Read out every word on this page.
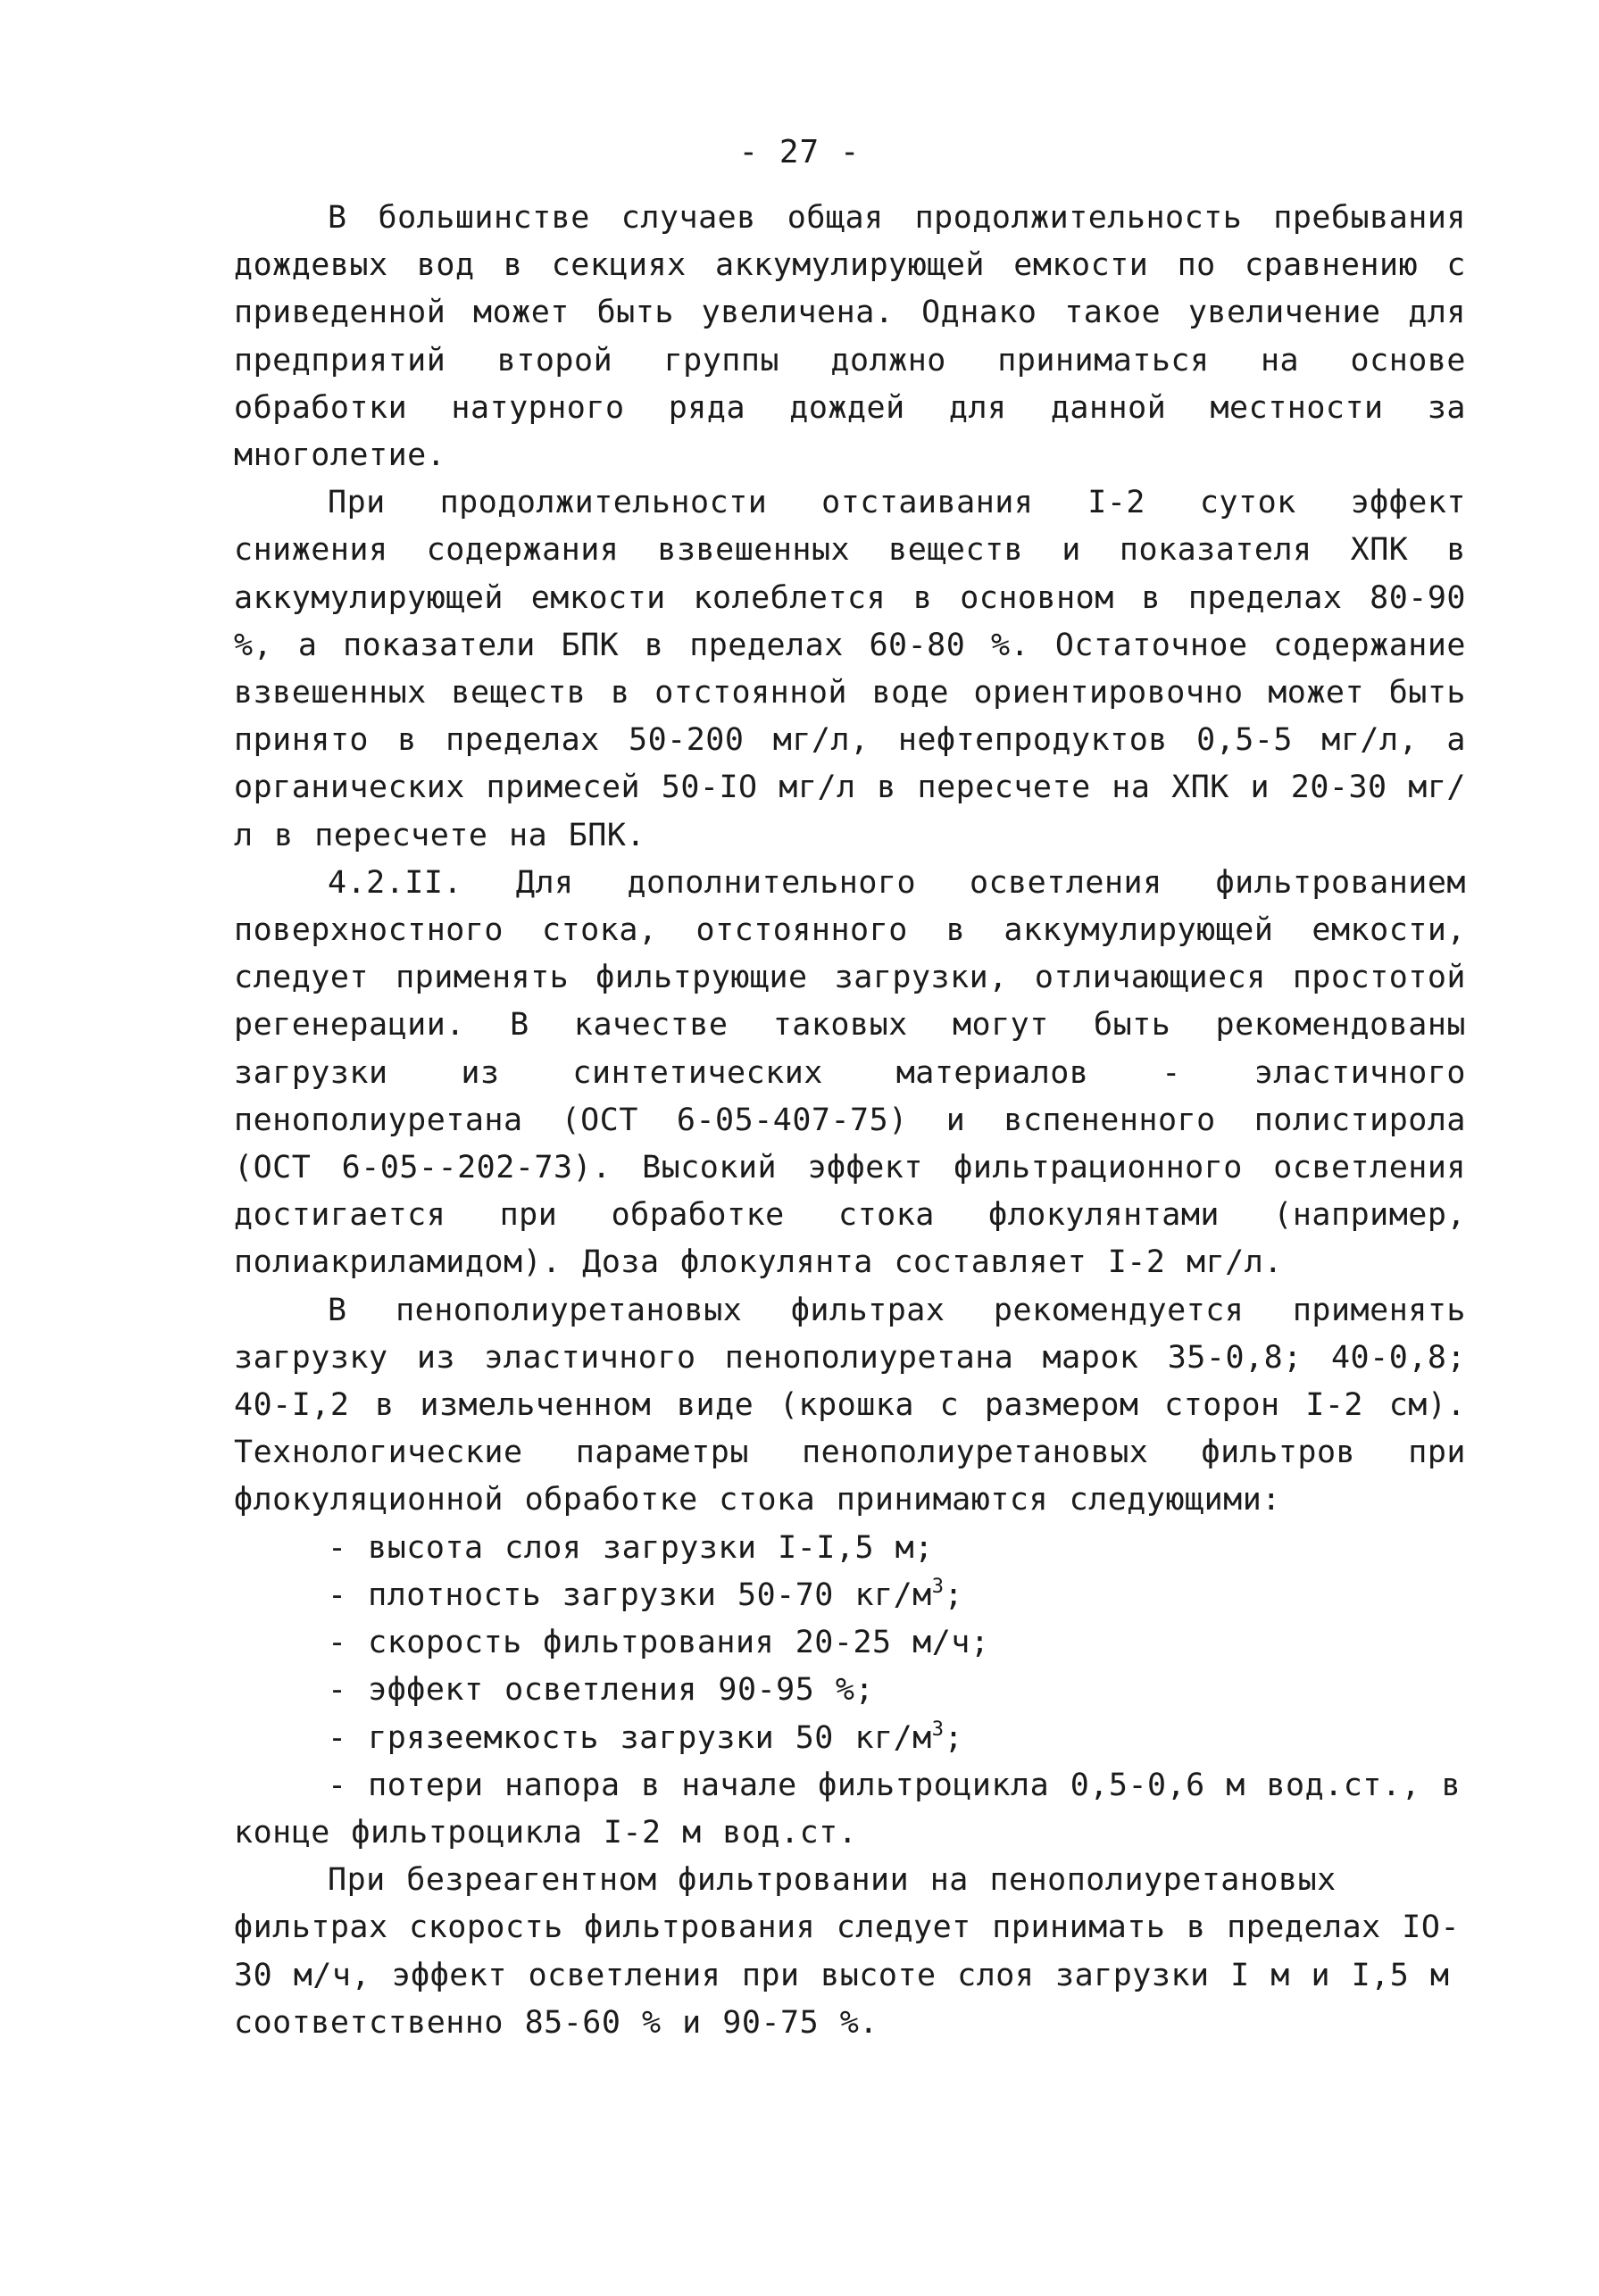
- 27 -

В большинстве случаев общая продолжительность пребывания дождевых вод в секциях аккумулирующей емкости по сравнению с приведенной может быть увеличена. Однако такое увеличение для предприятий второй группы должно приниматься на основе обработки натурного ряда дождей для данной местности за многолетие.

При продолжительности отстаивания I-2 суток эффект снижения содержания взвешенных веществ и показателя ХПК в аккумулирующей емкости колеблется в основном в пределах 80-90 %, а показатели БПК в пределах 60-80 %. Остаточное содержание взвешенных веществ в отстоянной воде ориентировочно может быть принято в пределах 50-200 мг/л, нефтепродуктов 0,5-5 мг/л, а органических примесей 50-IO мг/л в пересчете на ХПК и 20-30 мг/л в пересчете на БПК.

4.2.II. Для дополнительного осветления фильтрованием поверхностного стока, отстоянного в аккумулирующей емкости, следует применять фильтрующие загрузки, отличающиеся простотой регенерации. В качестве таковых могут быть рекомендованы загрузки из синтетических материалов - эластичного пенополиуретана (ОСТ 6-05-407-75) и вспененного полистирола (ОСТ 6-05--202-73). Высокий эффект фильтрационного осветления достигается при обработке стока флокулянтами (например, полиакриламидом). Доза флокулянта составляет I-2 мг/л.

В пенополиуретановых фильтрах рекомендуется применять загрузку из эластичного пенополиуретана марок 35-0,8; 40-0,8; 40-I,2 в измельченном виде (крошка с размером сторон I-2 см). Технологические параметры пенополиуретановых фильтров при флокуляционной обработке стока принимаются следующими:

- высота слоя загрузки I-I,5 м;
- плотность загрузки 50-70 $кг/м^3$;
- скорость фильтрования 20-25 м/ч;
- эффект осветления 90-95 %;
- грязеемкость загрузки 50 $кг/м^3$;

- потери напора в начале фильтроцикла 0,5-0,6 м вод.ст., в конце фильтроцикла I-2 м вод.ст.

При безреагентном фильтровании на пенополиуретановых фильтрах скорость фильтрования следует принимать в пределах IO-30 м/ч, эффект осветления при высоте слоя загрузки I м и I,5 м соответственно 85-60 % и 90-75 %.
